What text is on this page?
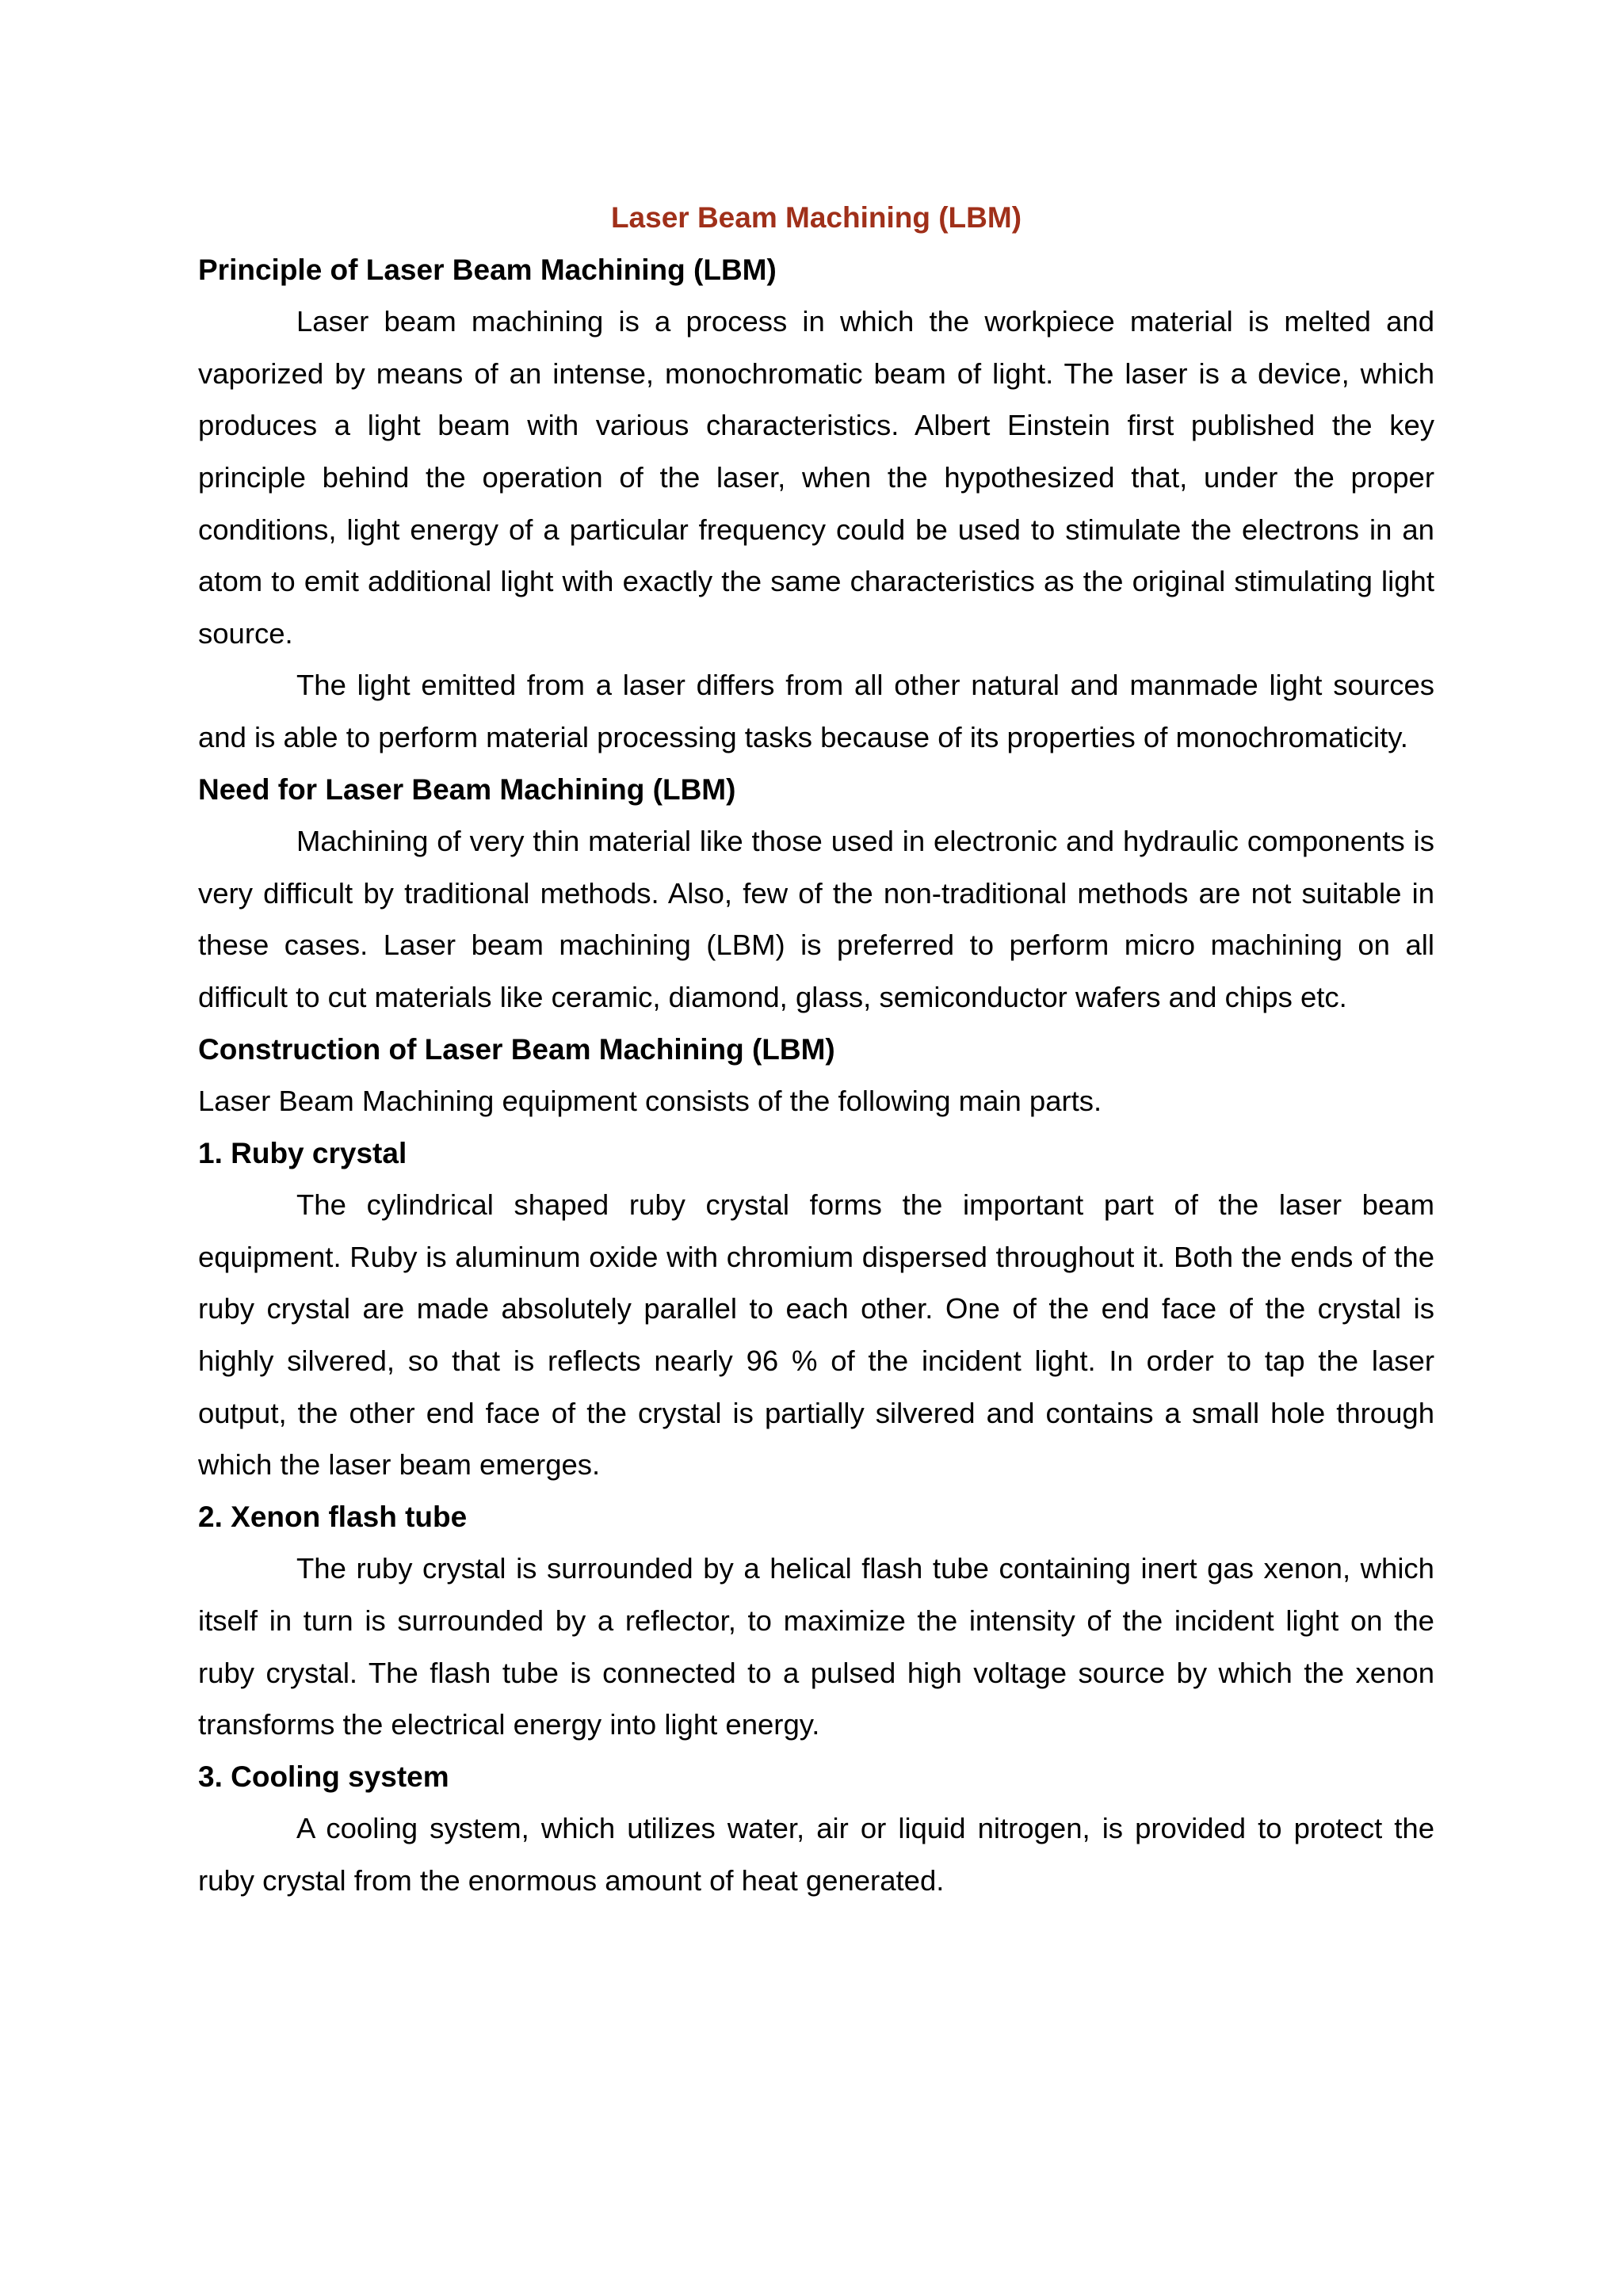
Laser Beam Machining (LBM)
Principle of Laser Beam Machining (LBM)

Laser beam machining is a process in which the workpiece material is melted and vaporized by means of an intense, monochromatic beam of light. The laser is a device, which produces a light beam with various characteristics. Albert Einstein first published the key principle behind the operation of the laser, when the hypothesized that, under the proper conditions, light energy of a particular frequency could be used to stimulate the electrons in an atom to emit additional light with exactly the same characteristics as the original stimulating light source.

The light emitted from a laser differs from all other natural and manmade light sources and is able to perform material processing tasks because of its properties of monochromaticity.

Need for Laser Beam Machining (LBM)

Machining of very thin material like those used in electronic and hydraulic components is very difficult by traditional methods. Also, few of the non-traditional methods are not suitable in these cases. Laser beam machining (LBM) is preferred to perform micro machining on all difficult to cut materials like ceramic, diamond, glass, semiconductor wafers and chips etc.

Construction of Laser Beam Machining (LBM)

Laser Beam Machining equipment consists of the following main parts.

1. Ruby crystal

The cylindrical shaped ruby crystal forms the important part of the laser beam equipment. Ruby is aluminum oxide with chromium dispersed throughout it. Both the ends of the ruby crystal are made absolutely parallel to each other. One of the end face of the crystal is highly silvered, so that is reflects nearly 96 % of the incident light. In order to tap the laser output, the other end face of the crystal is partially silvered and contains a small hole through which the laser beam emerges.

2. Xenon flash tube

The ruby crystal is surrounded by a helical flash tube containing inert gas xenon, which itself in turn is surrounded by a reflector, to maximize the intensity of the incident light on the ruby crystal. The flash tube is connected to a pulsed high voltage source by which the xenon transforms the electrical energy into light energy.

3. Cooling system

A cooling system, which utilizes water, air or liquid nitrogen, is provided to protect the ruby crystal from the enormous amount of heat generated.
